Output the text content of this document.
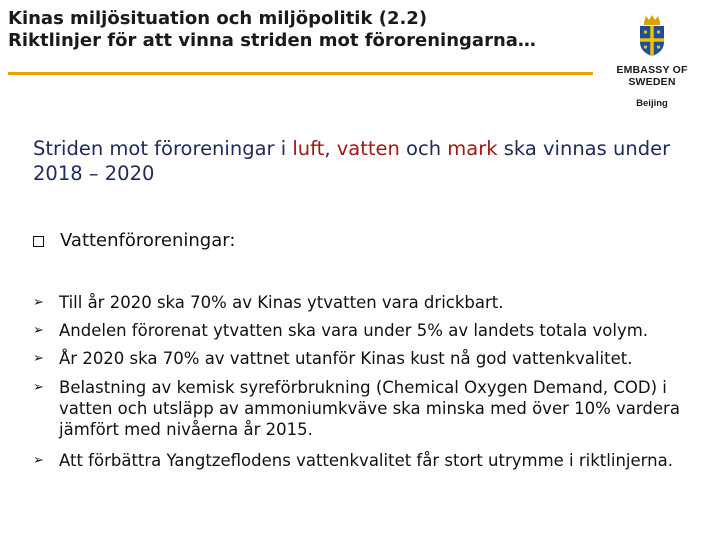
Kinas miljösituation och miljöpolitik (2.2)
Riktlinjer för att vinna striden mot föroreningarna…
EMBASSY OF SWEDEN
Beijing
Striden mot föroreningar i luft, vatten och mark ska vinnas under 2018 – 2020
Vattenföroreningar:
➢ Till år 2020 ska 70% av Kinas ytvatten vara drickbart.
➢ Andelen förorenat ytvatten ska vara under 5% av landets totala volym.
➢ År 2020 ska 70% av vattnet utanför Kinas kust nå god vattenkvalitet.
➢ Belastning av kemisk syreförbrukning (Chemical Oxygen Demand, COD) i vatten och utsläpp av ammoniumkväve ska minska med över 10% vardera jämfört med nivåerna år 2015.
➢ Att förbättra Yangtzeflodens vattenkvalitet får stort utrymme i riktlinjerna.
